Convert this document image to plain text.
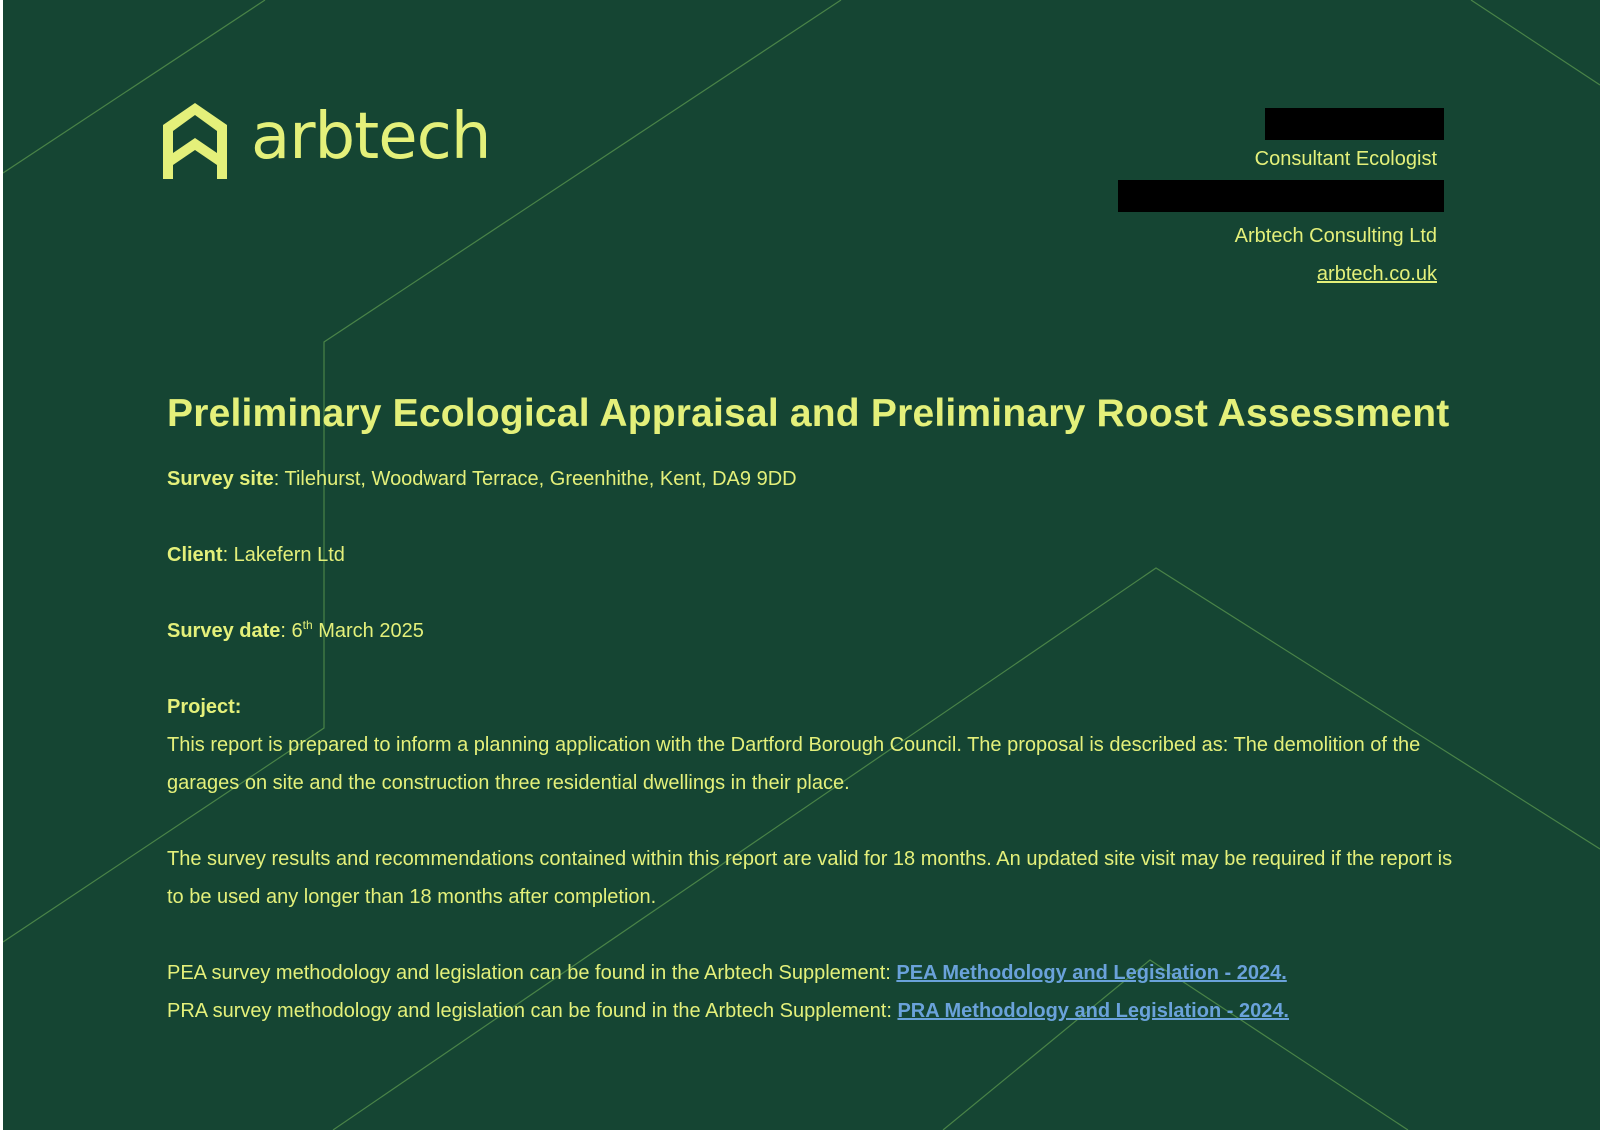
arbtech	Consultant Ecologist
Arbtech Consulting Ltd
arbtech.co.uk
Preliminary Ecological Appraisal and Preliminary Roost Assessment

Survey site: Tilehurst, Woodward Terrace, Greenhithe, Kent, DA9 9DD

Client: Lakefern Ltd

Survey date: 6th March 2025

Project:

This report is prepared to inform a planning application with the Dartford Borough Council. The proposal is described as: The demolition of the garages on site and the construction three residential dwellings in their place.

The survey results and recommendations contained within this report are valid for 18 months. An updated site visit may be required if the report is to be used any longer than 18 months after completion.

PEA survey methodology and legislation can be found in the Arbtech Supplement: PEA Methodology and Legislation - 2024.

PRA survey methodology and legislation can be found in the Arbtech Supplement: PRA Methodology and Legislation - 2024.
